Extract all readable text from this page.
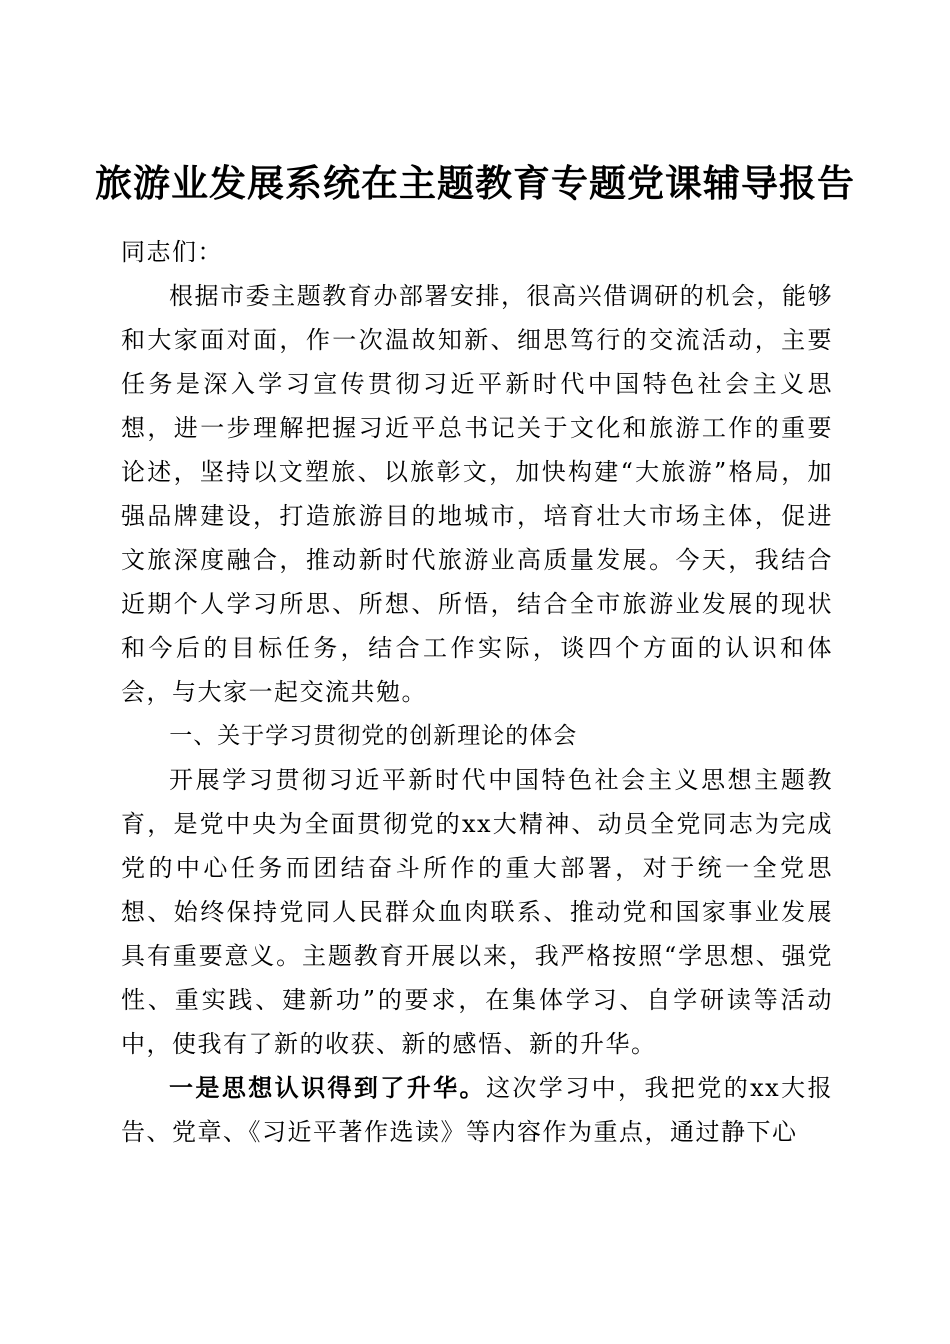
旅游业发展系统在主题教育专题党课辅导报告

同志们：

根据市委主题教育办部署安排，很高兴借调研的机会，能够和大家面对面，作一次温故知新、细思笃行的交流活动，主要任务是深入学习宣传贯彻习近平新时代中国特色社会主义思想，进一步理解把握习近平总书记关于文化和旅游工作的重要论述，坚持以文塑旅、以旅彰文，加快构建“大旅游”格局，加强品牌建设，打造旅游目的地城市，培育壮大市场主体，促进文旅深度融合，推动新时代旅游业高质量发展。今天，我结合近期个人学习所思、所想、所悟，结合全市旅游业发展的现状和今后的目标任务，结合工作实际，谈四个方面的认识和体会，与大家一起交流共勉。

一、关于学习贯彻党的创新理论的体会

开展学习贯彻习近平新时代中国特色社会主义思想主题教育，是党中央为全面贯彻党的xx大精神、动员全党同志为完成党的中心任务而团结奋斗所作的重大部署，对于统一全党思想、始终保持党同人民群众血肉联系、推动党和国家事业发展具有重要意义。主题教育开展以来，我严格按照“学思想、强党性、重实践、建新功”的要求，在集体学习、自学研读等活动中，使我有了新的收获、新的感悟、新的升华。

一是思想认识得到了升华。这次学习中，我把党的xx大报告、党章、《习近平著作选读》等内容作为重点，通过静下心
